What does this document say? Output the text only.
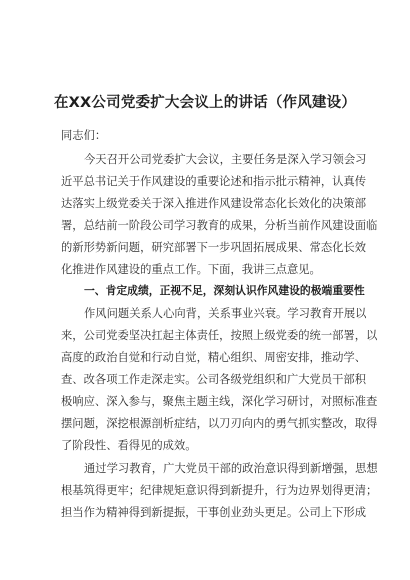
在XX公司党委扩大会议上的讲话（作风建设）
同志们：
今天召开公司党委扩大会议，主要任务是深入学习领会习
近平总书记关于作风建设的重要论述和指示批示精神，认真传
达落实上级党委关于深入推进作风建设常态化长效化的决策部
署，总结前一阶段公司学习教育的成果，分析当前作风建设面临
的新形势新问题，研究部署下一步巩固拓展成果、常态化长效
化推进作风建设的重点工作。下面，我讲三点意见。
一、肯定成绩，正视不足，深刻认识作风建设的极端重要性
作风问题关系人心向背，关系事业兴衰。学习教育开展以
来，公司党委坚决扛起主体责任，按照上级党委的统一部署，以
高度的政治自觉和行动自觉，精心组织、周密安排，推动学、
查、改各项工作走深走实。公司各级党组织和广大党员干部积
极响应、深入参与，聚焦主题主线，深化学习研讨，对照标准查
摆问题，深挖根源剖析症结，以刀刃向内的勇气抓实整改，取得
了阶段性、看得见的成效。
通过学习教育，广大党员干部的政治意识得到新增强，思想
根基筑得更牢；纪律规矩意识得到新提升，行为边界划得更清；
担当作为精神得到新提振，干事创业劲头更足。公司上下形成
